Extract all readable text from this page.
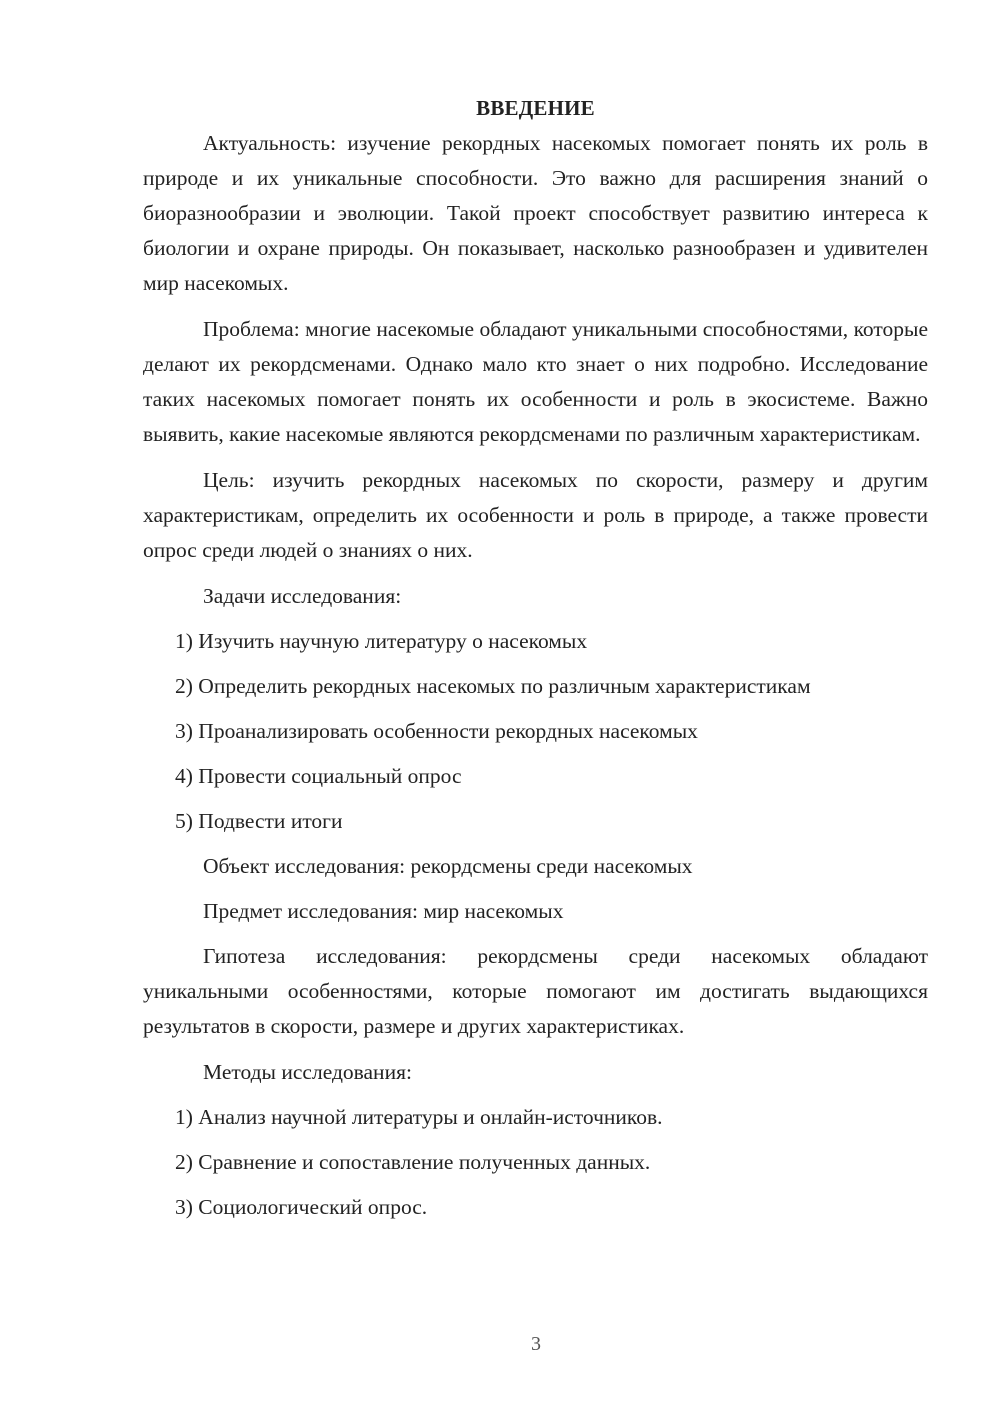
ВВЕДЕНИЕ

Актуальность: изучение рекордных насекомых помогает понять их роль в природе и их уникальные способности. Это важно для расширения знаний о биоразнообразии и эволюции. Такой проект способствует развитию интереса к биологии и охране природы. Он показывает, насколько разнообразен и удивителен мир насекомых.

Проблема: многие насекомые обладают уникальными способностями, которые делают их рекордсменами. Однако мало кто знает о них подробно. Исследование таких насекомых помогает понять их особенности и роль в экосистеме. Важно выявить, какие насекомые являются рекордсменами по различным характеристикам.

Цель: изучить рекордных насекомых по скорости, размеру и другим характеристикам, определить их особенности и роль в природе, а также провести опрос среди людей о знаниях о них.

Задачи исследования:

1) Изучить научную литературу о насекомых
2) Определить рекордных насекомых по различным характеристикам
3) Проанализировать особенности рекордных насекомых
4) Провести социальный опрос
5) Подвести итоги

Объект исследования: рекордсмены среди насекомых

Предмет исследования: мир насекомых

Гипотеза исследования: рекордсмены среди насекомых обладают уникальными особенностями, которые помогают им достигать выдающихся результатов в скорости, размере и других характеристиках.

Методы исследования:

1) Анализ научной литературы и онлайн-источников.
2) Сравнение и сопоставление полученных данных.
3) Социологический опрос.
3
